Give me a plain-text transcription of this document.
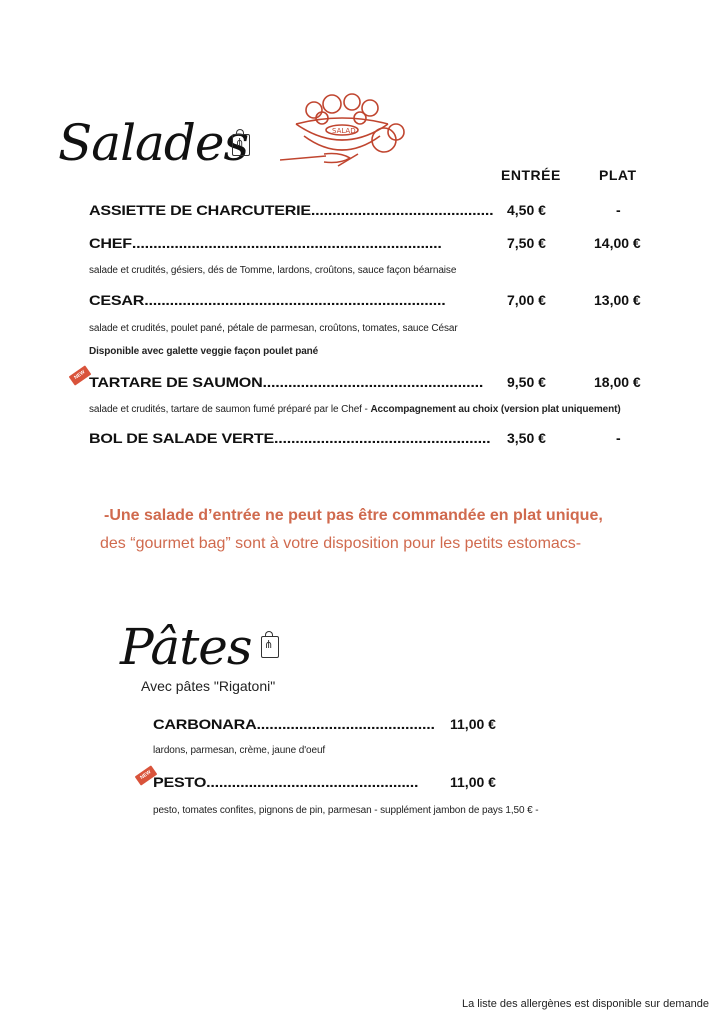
Salades
⋔	SALAD
ENTRÉE	PLAT
ASSIETTE DE CHARCUTERIE........................................... 4,50 €	-
CHEF.........................................................................	7,50 €	14,00 €
salade et crudités, gésiers, dés de Tomme, lardons, croûtons, sauce façon béarnaise
CESAR.......................................................................	7,00 €	13,00 €
salade et crudités, poulet pané, pétale de parmesan, croûtons, tomates, sauce César
Disponible avec galette veggie façon poulet pané
NEW TARTARE DE SAUMON.................................................... 9,50 €	18,00 €
salade et crudités, tartare de saumon fumé préparé par le Chef - Accompagnement au choix (version plat uniquement)
BOL DE SALADE VERTE................................................... 3,50 €	-
-Une salade d’entrée ne peut pas être commandée en plat unique,
des “gourmet bag” sont à votre disposition pour les petits estomacs-
Pâtes
⋔
Avec pâtes "Rigatoni"
CARBONARA.......................................... 11,00 €
lardons, parmesan, crème, jaune d'oeuf
NEW PESTO.................................................. 11,00 €
pesto, tomates confites, pignons de pin, parmesan - supplément jambon de pays 1,50 € -
La liste des allergènes est disponible sur demande
